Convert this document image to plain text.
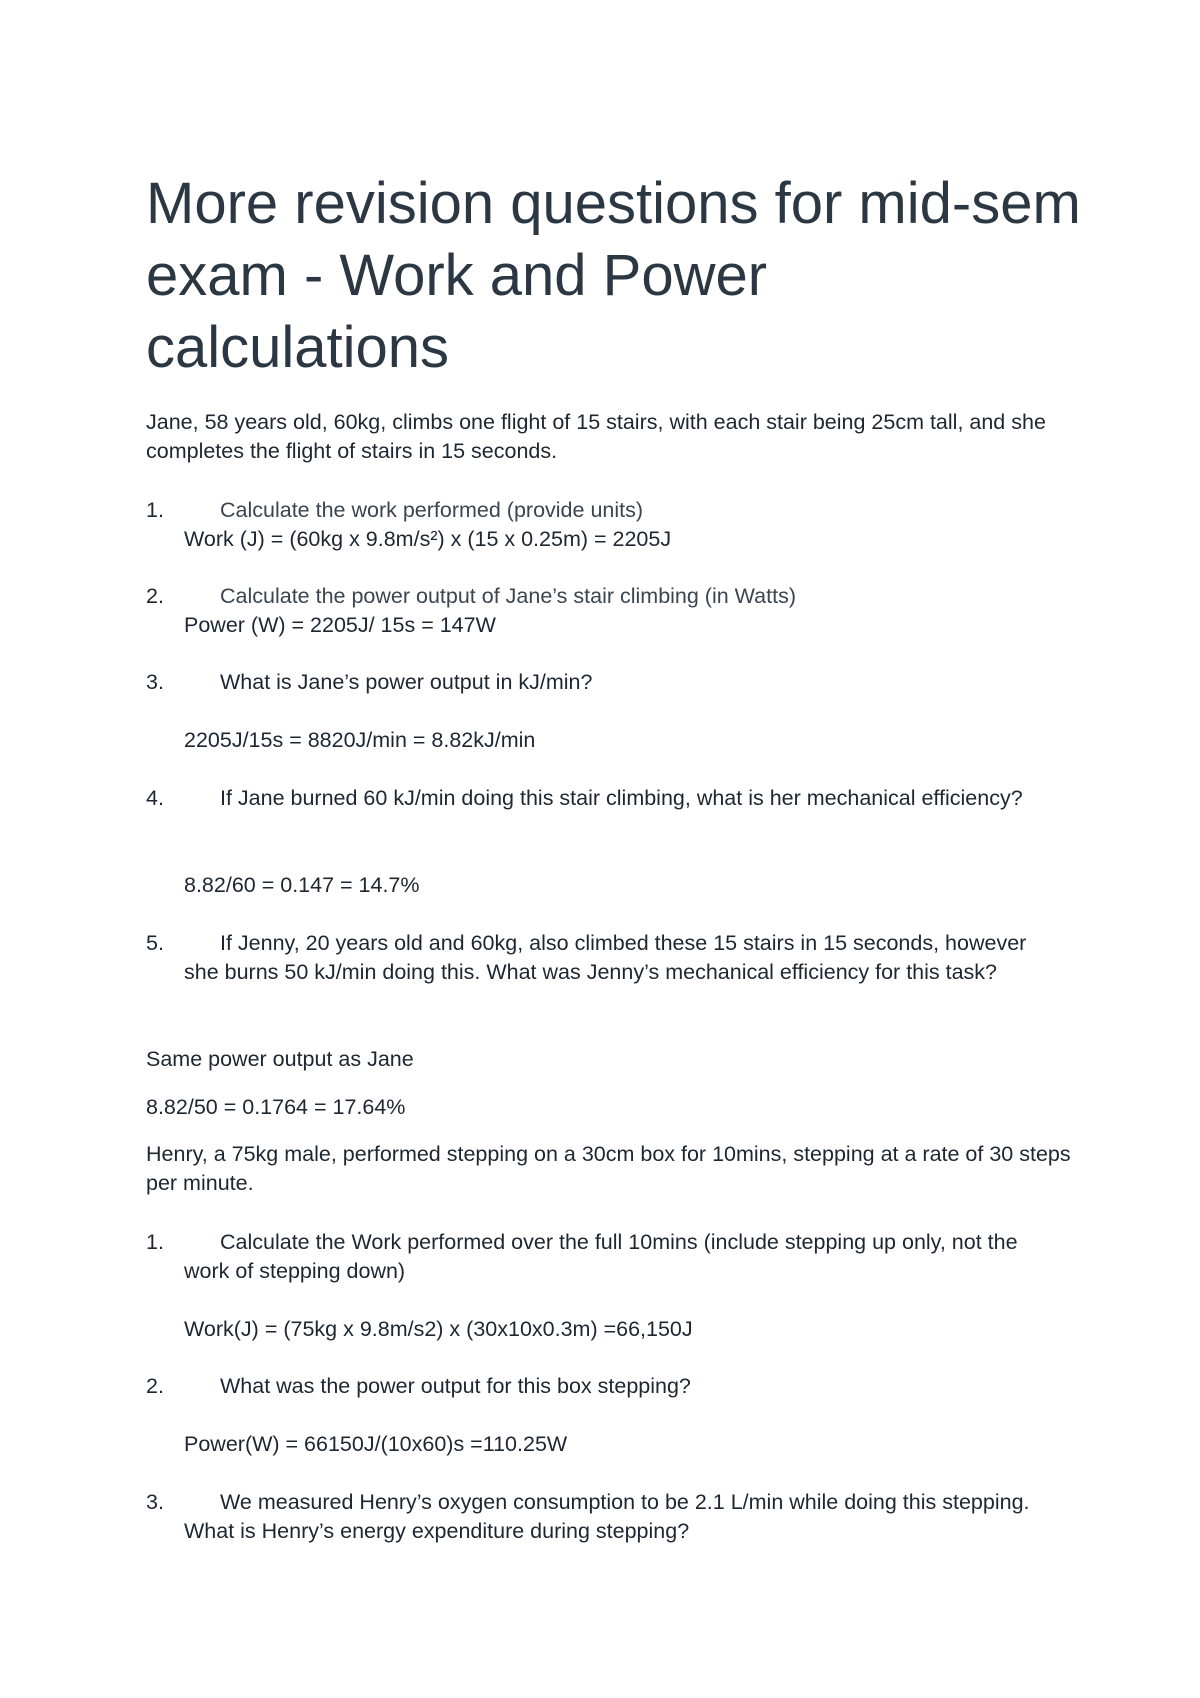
More revision questions for mid-sem exam - Work and Power calculations

Jane, 58 years old, 60kg, climbs one flight of 15 stairs, with each stair being 25cm tall, and she completes the flight of stairs in 15 seconds.

1.	Calculate the work performed (provide units)

Work (J) = (60kg x 9.8m/s²) x (15 x 0.25m) = 2205J

2.	Calculate the power output of Jane’s stair climbing (in Watts)

Power (W) = 2205J/ 15s = 147W

3.	What is Jane’s power output in kJ/min?

2205J/15s = 8820J/min = 8.82kJ/min

4.	If Jane burned 60 kJ/min doing this stair climbing, what is her mechanical efficiency?

8.82/60 = 0.147 = 14.7%

5.	If Jenny, 20 years old and 60kg, also climbed these 15 stairs in 15 seconds, however she burns 50 kJ/min doing this. What was Jenny’s mechanical efficiency for this task?

Same power output as Jane

8.82/50 = 0.1764 = 17.64%

Henry, a 75kg male, performed stepping on a 30cm box for 10mins, stepping at a rate of 30 steps per minute.

1.	Calculate the Work performed over the full 10mins (include stepping up only, not the work of stepping down)

Work(J) = (75kg x 9.8m/s2) x (30x10x0.3m) =66,150J

2.	What was the power output for this box stepping?

Power(W) = 66150J/(10x60)s =110.25W

3.	We measured Henry’s oxygen consumption to be 2.1 L/min while doing this stepping. What is Henry’s energy expenditure during stepping?
